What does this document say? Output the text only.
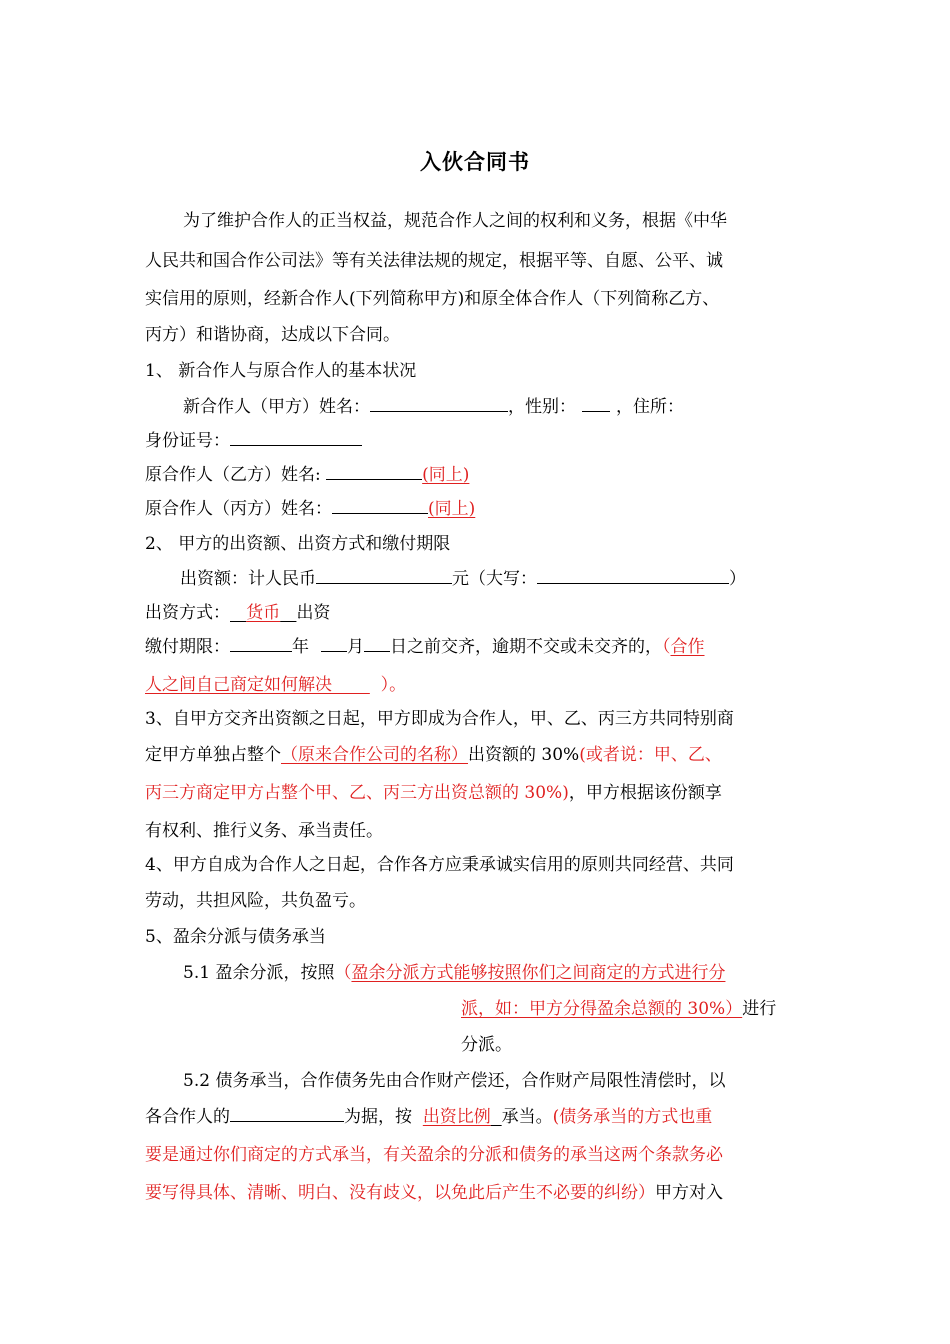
入伙合同书
为了维护合作人的正当权益，规范合作人之间的权利和义务，根据《中华
人民共和国合作公司法》等有关法律法规的规定，根据平等、自愿、公平、诚
实信用的原则，经新合作人(下列简称甲方)和原全体合作人（下列简称乙方、
丙方）和谐协商，达成以下合同。
1、 新合作人与原合作人的基本状况
新合作人（甲方）姓名：	，性别： ，住所：
身份证号：
原合作人（乙方）姓名:	(同上)
原合作人（丙方）姓名：	(同上)
2、 甲方的出资额、出资方式和缴付期限
出资额：计人民币	元（大写：	）
出资方式： 货币 出资
缴付期限：	年 月 日之前交齐，逾期不交或未交齐的，（合作
人之间自己商定如何解决	）。
3、自甲方交齐出资额之日起，甲方即成为合作人，甲、乙、丙三方共同特别商
定甲方单独占整个（原来合作公司的名称）出资额的 30%(或者说：甲、乙、
丙三方商定甲方占整个甲、乙、丙三方出资总额的 30%)，甲方根据该份额享
有权利、推行义务、承当责任。
4、甲方自成为合作人之日起，合作各方应秉承诚实信用的原则共同经营、共同
劳动，共担风险，共负盈亏。
5、盈余分派与债务承当
5.1 盈余分派，按照（盈余分派方式能够按照你们之间商定的方式进行分
派，如：甲方分得盈余总额的 30%）进行
分派。
5.2 债务承当，合作债务先由合作财产偿还，合作财产局限性清偿时，以
各合作人的	为据，按 出资比例 承当。(债务承当的方式也重
要是通过你们商定的方式承当，有关盈余的分派和债务的承当这两个条款务必
要写得具体、清晰、明白、没有歧义，以免此后产生不必要的纠纷）甲方对入
